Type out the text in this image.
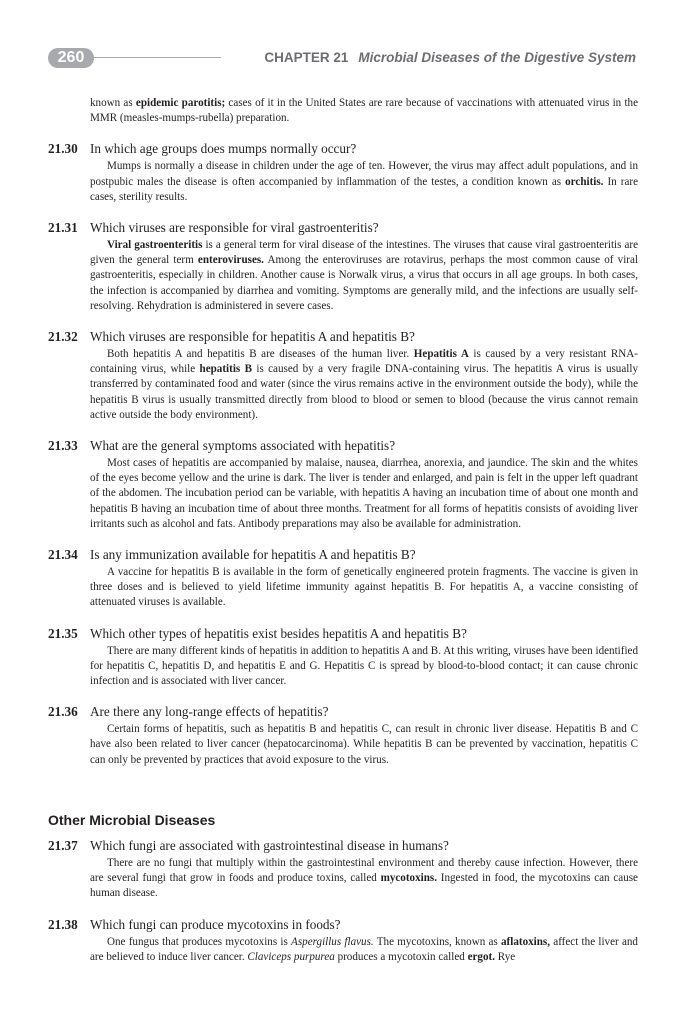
260	CHAPTER 21 Microbial Diseases of the Digestive System

known as epidemic parotitis; cases of it in the United States are rare because of vaccinations with attenuated virus in the MMR (measles-mumps-rubella) preparation.

21.30 In which age groups does mumps normally occur?

Mumps is normally a disease in children under the age of ten. However, the virus may affect adult populations, and in postpubic males the disease is often accompanied by inflammation of the testes, a condition known as orchitis. In rare cases, sterility results.

21.31 Which viruses are responsible for viral gastroenteritis?

Viral gastroenteritis is a general term for viral disease of the intestines. The viruses that cause viral gastroenteritis are given the general term enteroviruses. Among the enteroviruses are rotavirus, perhaps the most common cause of viral gastroenteritis, especially in children. Another cause is Norwalk virus, a virus that occurs in all age groups. In both cases, the infection is accompanied by diarrhea and vomiting. Symptoms are generally mild, and the infections are usually self-resolving. Rehydration is administered in severe cases.

21.32 Which viruses are responsible for hepatitis A and hepatitis B?

Both hepatitis A and hepatitis B are diseases of the human liver. Hepatitis A is caused by a very resistant RNA-containing virus, while hepatitis B is caused by a very fragile DNA-containing virus. The hepatitis A virus is usually transferred by contaminated food and water (since the virus remains active in the environment outside the body), while the hepatitis B virus is usually transmitted directly from blood to blood or semen to blood (because the virus cannot remain active outside the body environment).

21.33 What are the general symptoms associated with hepatitis?

Most cases of hepatitis are accompanied by malaise, nausea, diarrhea, anorexia, and jaundice. The skin and the whites of the eyes become yellow and the urine is dark. The liver is tender and enlarged, and pain is felt in the upper left quadrant of the abdomen. The incubation period can be variable, with hepatitis A having an incubation time of about one month and hepatitis B having an incubation time of about three months. Treatment for all forms of hepatitis consists of avoiding liver irritants such as alcohol and fats. Antibody preparations may also be available for administration.

21.34 Is any immunization available for hepatitis A and hepatitis B?

A vaccine for hepatitis B is available in the form of genetically engineered protein fragments. The vaccine is given in three doses and is believed to yield lifetime immunity against hepatitis B. For hepatitis A, a vaccine consisting of attenuated viruses is available.

21.35 Which other types of hepatitis exist besides hepatitis A and hepatitis B?

There are many different kinds of hepatitis in addition to hepatitis A and B. At this writing, viruses have been identified for hepatitis C, hepatitis D, and hepatitis E and G. Hepatitis C is spread by blood-to-blood contact; it can cause chronic infection and is associated with liver cancer.

21.36 Are there any long-range effects of hepatitis?

Certain forms of hepatitis, such as hepatitis B and hepatitis C, can result in chronic liver disease. Hepatitis B and C have also been related to liver cancer (hepatocarcinoma). While hepatitis B can be prevented by vaccination, hepatitis C can only be prevented by practices that avoid exposure to the virus.

Other Microbial Diseases
21.37 Which fungi are associated with gastrointestinal disease in humans?

There are no fungi that multiply within the gastrointestinal environment and thereby cause infection. However, there are several fungi that grow in foods and produce toxins, called mycotoxins. Ingested in food, the mycotoxins can cause human disease.

21.38 Which fungi can produce mycotoxins in foods?

One fungus that produces mycotoxins is Aspergillus flavus. The mycotoxins, known as aflatoxins, affect the liver and are believed to induce liver cancer. Claviceps purpurea produces a mycotoxin called ergot. Rye
